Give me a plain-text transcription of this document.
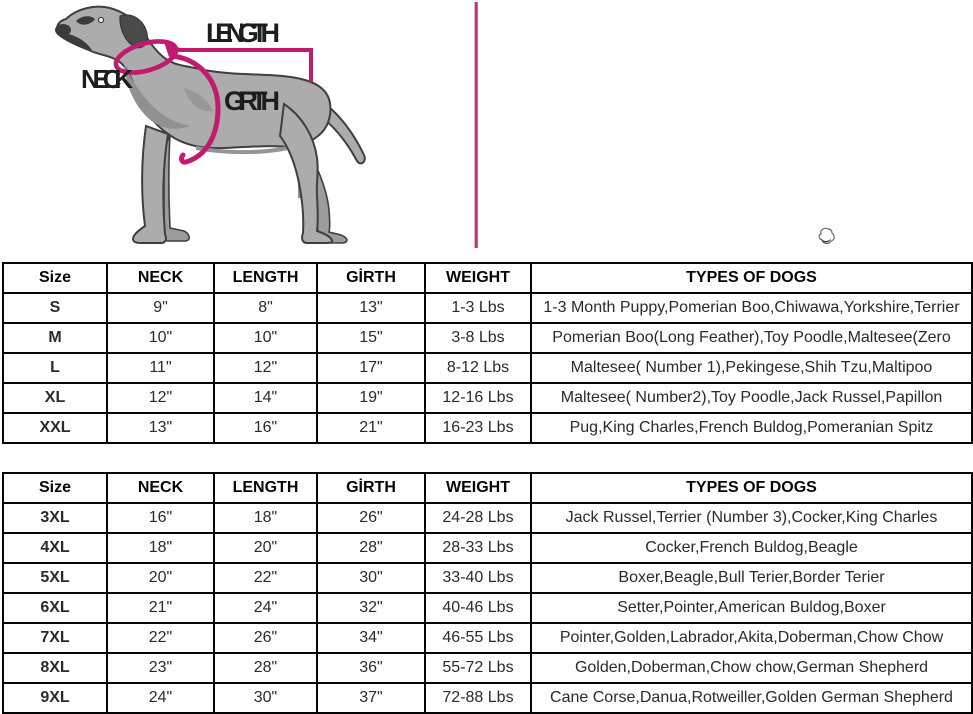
LENGTH
NECK
GIRTH
Size	NECK	LENGTH	GİRTH	WEIGHT	TYPES OF DOGS
S	9"	8"	13"	1-3 Lbs	1-3 Month Puppy,Pomerian Boo,Chiwawa,Yorkshire,Terrier
M	10"	10"	15"	3-8 Lbs	Pomerian Boo(Long Feather),Toy Poodle,Maltesee(Zero
L	11"	12"	17"	8-12 Lbs	Maltesee( Number 1),Pekingese,Shih Tzu,Maltipoo
XL	12"	14"	19"	12-16 Lbs	Maltesee( Number2),Toy Poodle,Jack Russel,Papillon
XXL	13"	16"	21"	16-23 Lbs	Pug,King Charles,French Buldog,Pomeranian Spitz
Size	NECK	LENGTH	GİRTH	WEIGHT	TYPES OF DOGS
3XL	16"	18"	26"	24-28 Lbs	Jack Russel,Terrier (Number 3),Cocker,King Charles
4XL	18"	20"	28"	28-33 Lbs	Cocker,French Buldog,Beagle
5XL	20"	22"	30"	33-40 Lbs	Boxer,Beagle,Bull Terier,Border Terier
6XL	21"	24"	32"	40-46 Lbs	Setter,Pointer,American Buldog,Boxer
7XL	22"	26"	34"	46-55 Lbs	Pointer,Golden,Labrador,Akita,Doberman,Chow Chow
8XL	23"	28"	36"	55-72 Lbs	Golden,Doberman,Chow chow,German Shepherd
9XL	24"	30"	37"	72-88 Lbs	Cane Corse,Danua,Rotweiller,Golden German Shepherd
